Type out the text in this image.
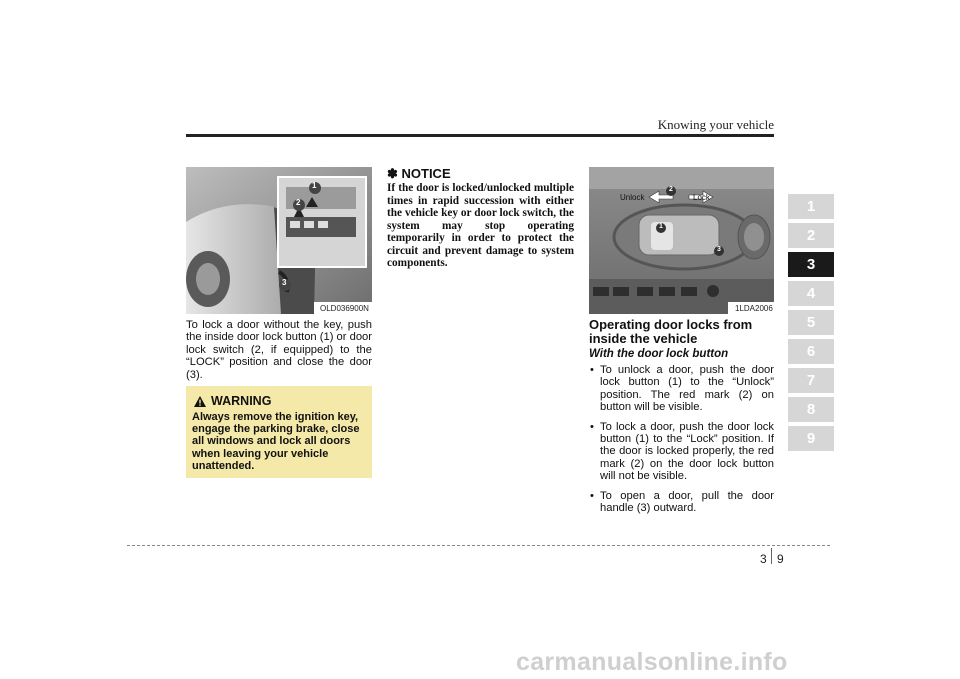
Knowing your vehicle
1
2
3
4
5
6
7
8
9
1
2
3
OLD036900N
To lock a door without the key, push the inside door lock button (1) or door lock switch (2, if equipped) to the “LOCK” position and close the door (3).
WARNING
Always remove the ignition key, engage the parking brake, close all windows and lock all doors when leaving your vehicle unattended.
✽ NOTICE
If the door is locked/unlocked multiple times in rapid succession with either the vehicle key or door lock switch, the system may stop operating temporarily in order to protect the circuit and prevent damage to system components.
Unlock	Lock
1
2
3
1LDA2006
Operating door locks from inside the vehicle
With the door lock button
• To unlock a door, push the door lock button (1) to the “Unlock” position. The red mark (2) on button will be visible.
• To lock a door, push the door lock button (1) to the “Lock” position. If the door is locked properly, the red mark (2) on the door lock button will not be visible.
• To open a door, pull the door handle (3) outward.
3 9
carmanualsonline.info
